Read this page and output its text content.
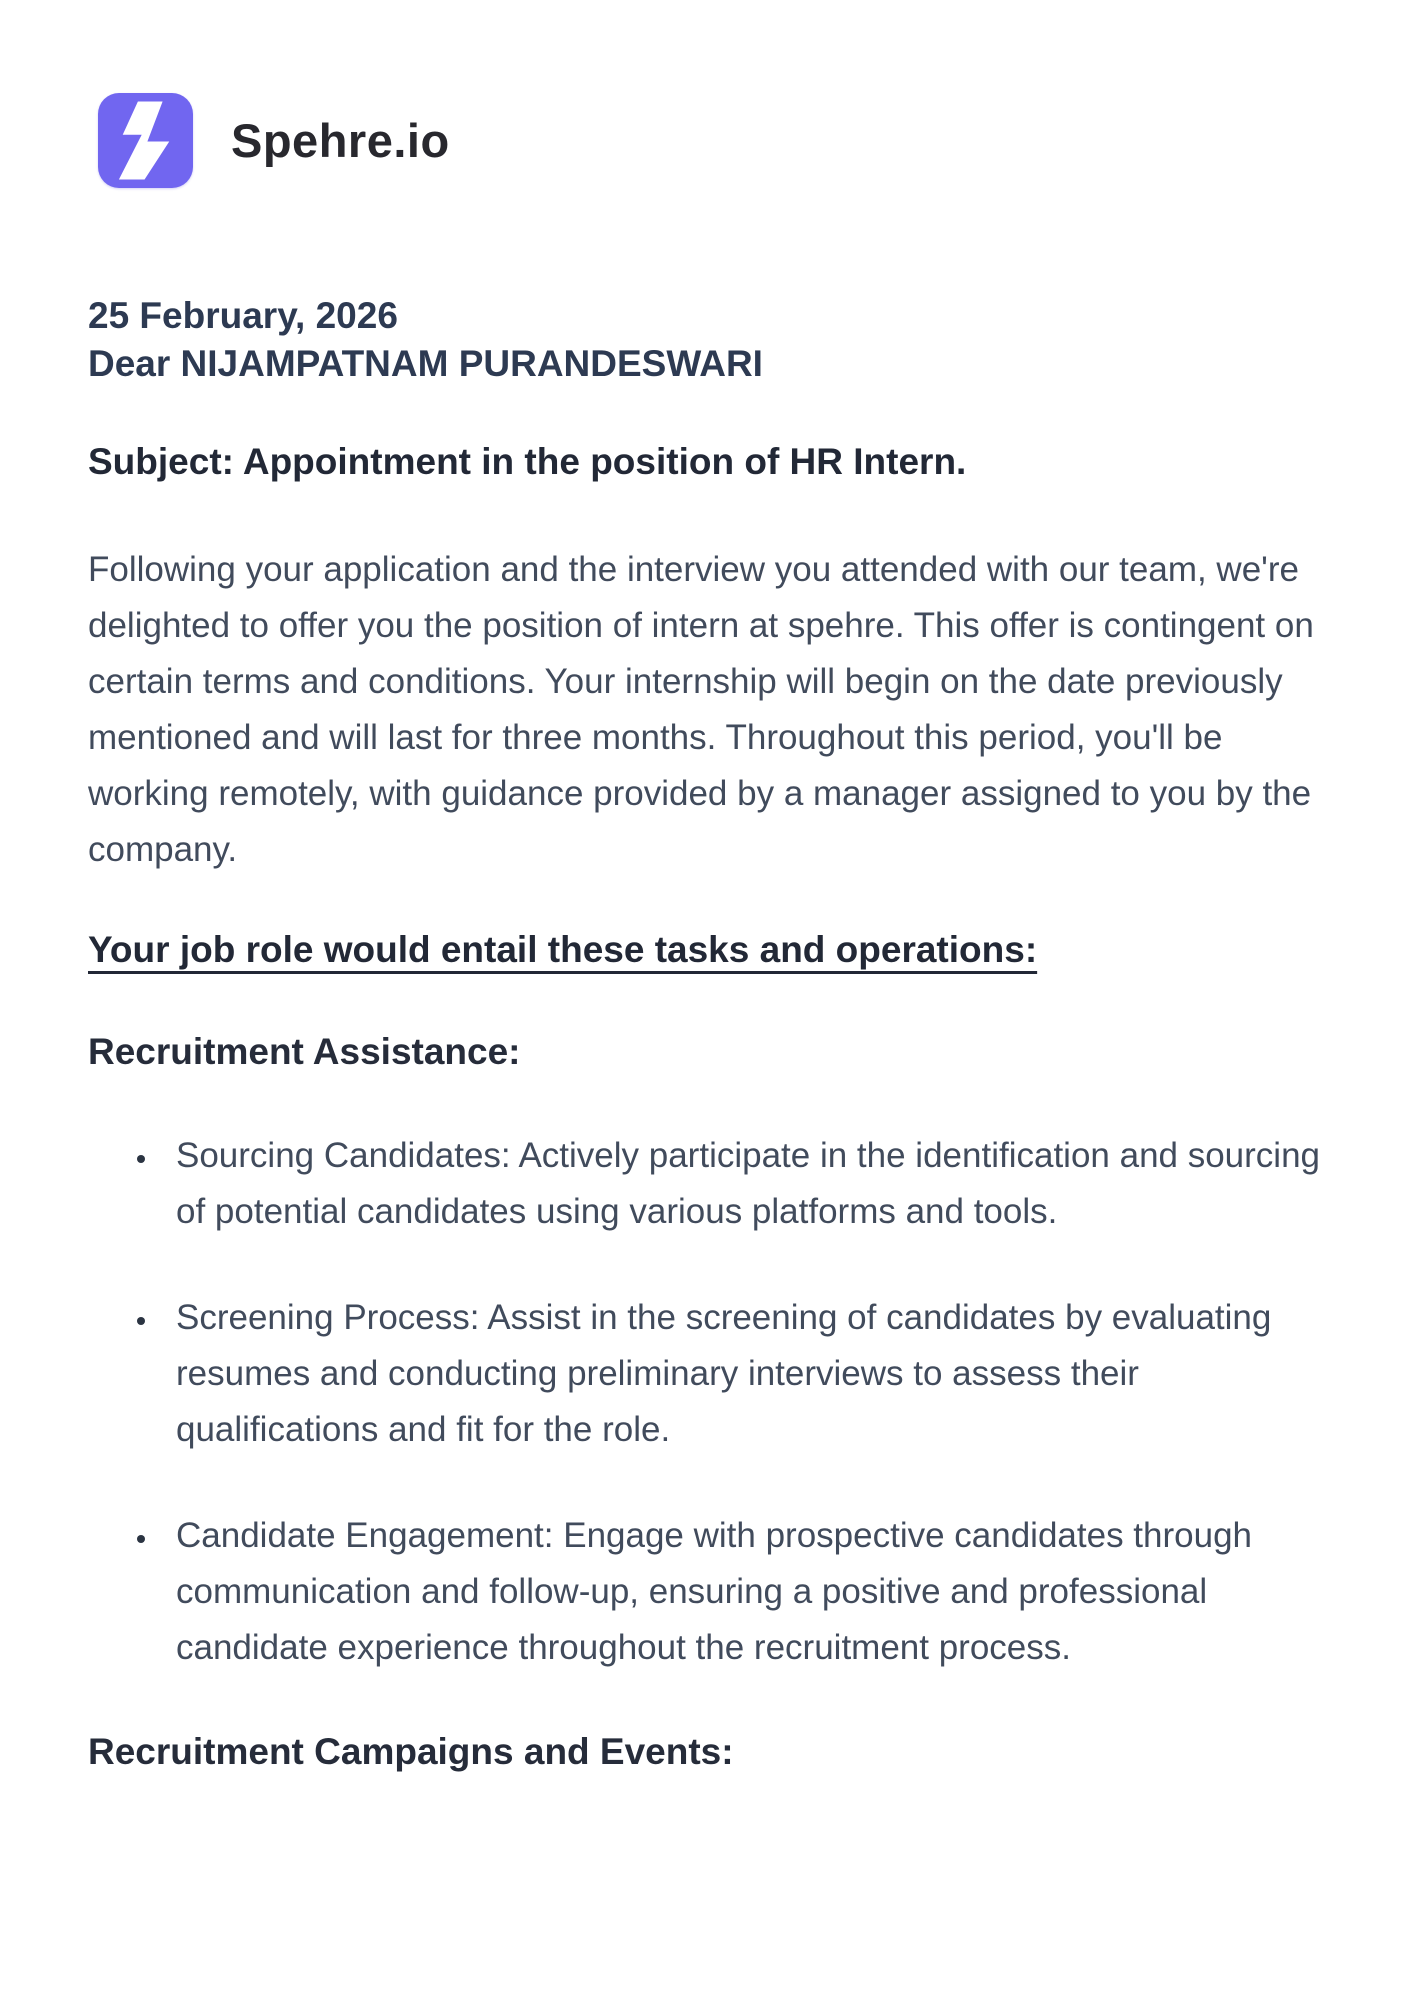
Spehre.io

25 February, 2026
Dear NIJAMPATNAM PURANDESWARI

Subject: Appointment in the position of HR Intern.

Following your application and the interview you attended with our team, we're delighted to offer you the position of intern at spehre. This offer is contingent on certain terms and conditions. Your internship will begin on the date previously mentioned and will last for three months. Throughout this period, you'll be working remotely, with guidance provided by a manager assigned to you by the company.

Your job role would entail these tasks and operations:
Recruitment Assistance:
• Sourcing Candidates: Actively participate in the identification and sourcing of potential candidates using various platforms and tools.
• Screening Process: Assist in the screening of candidates by evaluating resumes and conducting preliminary interviews to assess their qualifications and fit for the role.
• Candidate Engagement: Engage with prospective candidates through communication and follow-up, ensuring a positive and professional candidate experience throughout the recruitment process.
Recruitment Campaigns and Events:
